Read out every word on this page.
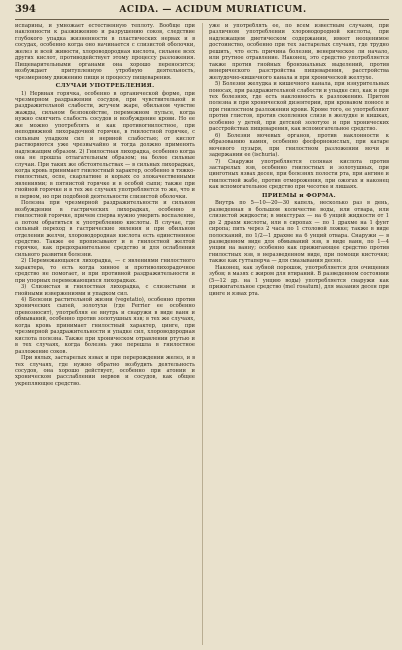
394	ACIDA. — ACIDUM MURIATICUM.

испарины, и умножает естественную теплоту. Вообще при наклонности к разжижению и разрушению соков, следствие глубокого упадка жизненности в пластических нервах и в сосудах, особенно когда оно начинается с слизистой оболочки, желез и всей живости, хлороводородная кислота, сильнее всех других кислот, противодействует этому процессу разложения. Пищеварительными органами она хорошо переносится; возбуждает притупленную утробную деятельность, чрезмерному движению пищи и процессу пищеварения.

СЛУЧАИ УПОТРЕБЛЕНИЯ.

1) Нервная горячка, особенно в органической форме, при чрезмерном раздражении сосудов, при чувствительной и раздражительной слабости, жгучем жаре, обильном чувстве жажды, сильном безпокойстве, перемежном пульсе, когда нужно смягчить слабость сосудов и возбуждение крови. Но ее же можно употреблять и как противогнилостное, при неподвижной лихорадочной горячке, в гнилостной горячке, с сильным упадком сил и нервной слабостью; от кислот растворяются уже чрезвычайно и тогда должно применять надлежащим образом. 2) Гнилостная лихорадка, особенно когда она не прошла отлагательным образом; на более сильные случаи. При таких же обстоятельствах — в сильных лихорадках, когда кровь принимает гнилостный характер, особенно в тяжко-гнилостных, оспе, скарлатине и корьях со злокачественными явлениями; в пятнистой горячке и в особой сыпи; также при гнойной горячке и в тех же случаях употребляется то же, что и в первом, но при подобной деятельности слизистой оболочки.

Полезна при чрезмерной раздражительности и сильном возбуждении в гастрических лихорадках, особенно в гнилостной горячке, причем сперва нужно умерить воспаление, а потом обратиться к употреблению кислоты. В случае, где сильный переход в гастрические явления и при обильном отделении желчи, хлороводородная кислота есть единственное средство. Также ее прописывают и в гнилостной желтой горячке, как предохранительное средство и для ослабления сильного развития болезни.

2) Перемежающаяся лихорадка, — с явлениями гнилостного характера, то есть когда хинное и противолихорадочное средство не помогает, и при противной раздражительности и при упорных перемежающихся лихорадках.

3) Слизистая и гнилостная лихорадка, с слизистыми и гнойными извержениями и упадком сил.

4) Болезни растительной жизни (vegetatio), особенно против хронических сыпей, золотухи (где Ferrier ее особенно превозносит), употребляя ее внутрь и снаружи в виде ванн и обмываний, особенно против золотушных язв; в тех же случаях, когда кровь принимает гнилостный характер, цинге, при чрезмерной раздражительности и упадке сил, хлороводородная кислота полезна. Также при хроническом отравлении ртутью и в тех случаях, когда болезнь уже перешла в гнилостное разложение соков.

При вялых, застарелых язвах и при перерождении желез, и в тех случаях, где нужно обратно возбудить деятельность сосудов, она хорошо действует, особенно при атонии и хроническом расслаблении нервов и сосудов, как общее укрепляющее средство.

уже и употреблять ее, по всем известным случаям, при различном употреблении хлороводородной кислоты, при надлежащем диетическом содержании, имеет неоценимое достоинство, особенно при тех застарелых случаях, где трудно решить, что есть причина болезни, венерическое ли начало, или ртутное отравление. Наконец, это средство употребляется также против гнойных бронхиальных выделений, против венерического разстройства пищеварения, расстройства желудочно-кишечного канала и при хронической желтухе.

5) Болезни желудка и кишечного канала, при изнурительных поносах, при раздражительной слабости и упадке сил, как и при тех болезнях, где есть наклонность к разложению. Притом полезна и при хронической дизентерии, при кровавом поносе и при гнилостном разложении крови. Кроме того, ее употребляют против глистов, против скопления слизи в желудке и кишках, особенно у детей, при детской золотухе и при хронических расстройствах пищеварения, как вспомогательное средство.

6) Болезни мочевых органов, против наклонности к образованию камня, особенно фосфорнокислых, при катаре мочевого пузыря, при гнилостном разложении мочи и задержании ее (ischuria).

7) Снаружи употребляется соляная кислота против застарелых язв, особенно гнилостных и золотушных, при цинготных язвах десен, при болезнях полости рта, при ангине и гнилостной жабе, против отморожения, при ожогах и наконец как вспомогательное средство при чесотке и лишаях.

ПРИЕМЫ и ФОРМА.

Внутрь по 5—10—20—30 капель, несколько раз в день, разведенная в большом количестве воды, или отвара, или слизистой жидкости; в микстурах — на 6 унций жидкости от 1 до 2 драхм кислоты, или в сиропах — по 1 драхме на 1 фунт сиропа; пить через 2 часа по 1 столовой ложке; также в виде полосканий, по 1/2—1 драхме на 6 унций отвара. Снаружи — в разведенном виде для обмываний язв, в виде ванн, по 1—4 унции на ванну; особенно как прижигающее средство против гнилостных язв, в неразведенном виде, при помощи кисточки; также как гуттаперча — для смазывания десен.

Наконец, как зубной порошок, употребляется для очищения зубов; в мазях с жиром для втираний. В разведенном состоянии (5—12 др. на 1 унцию воды) употребляется снаружи как прижигательное средство (mel rosatum), для мазания десен при цинге и язвах рта.
